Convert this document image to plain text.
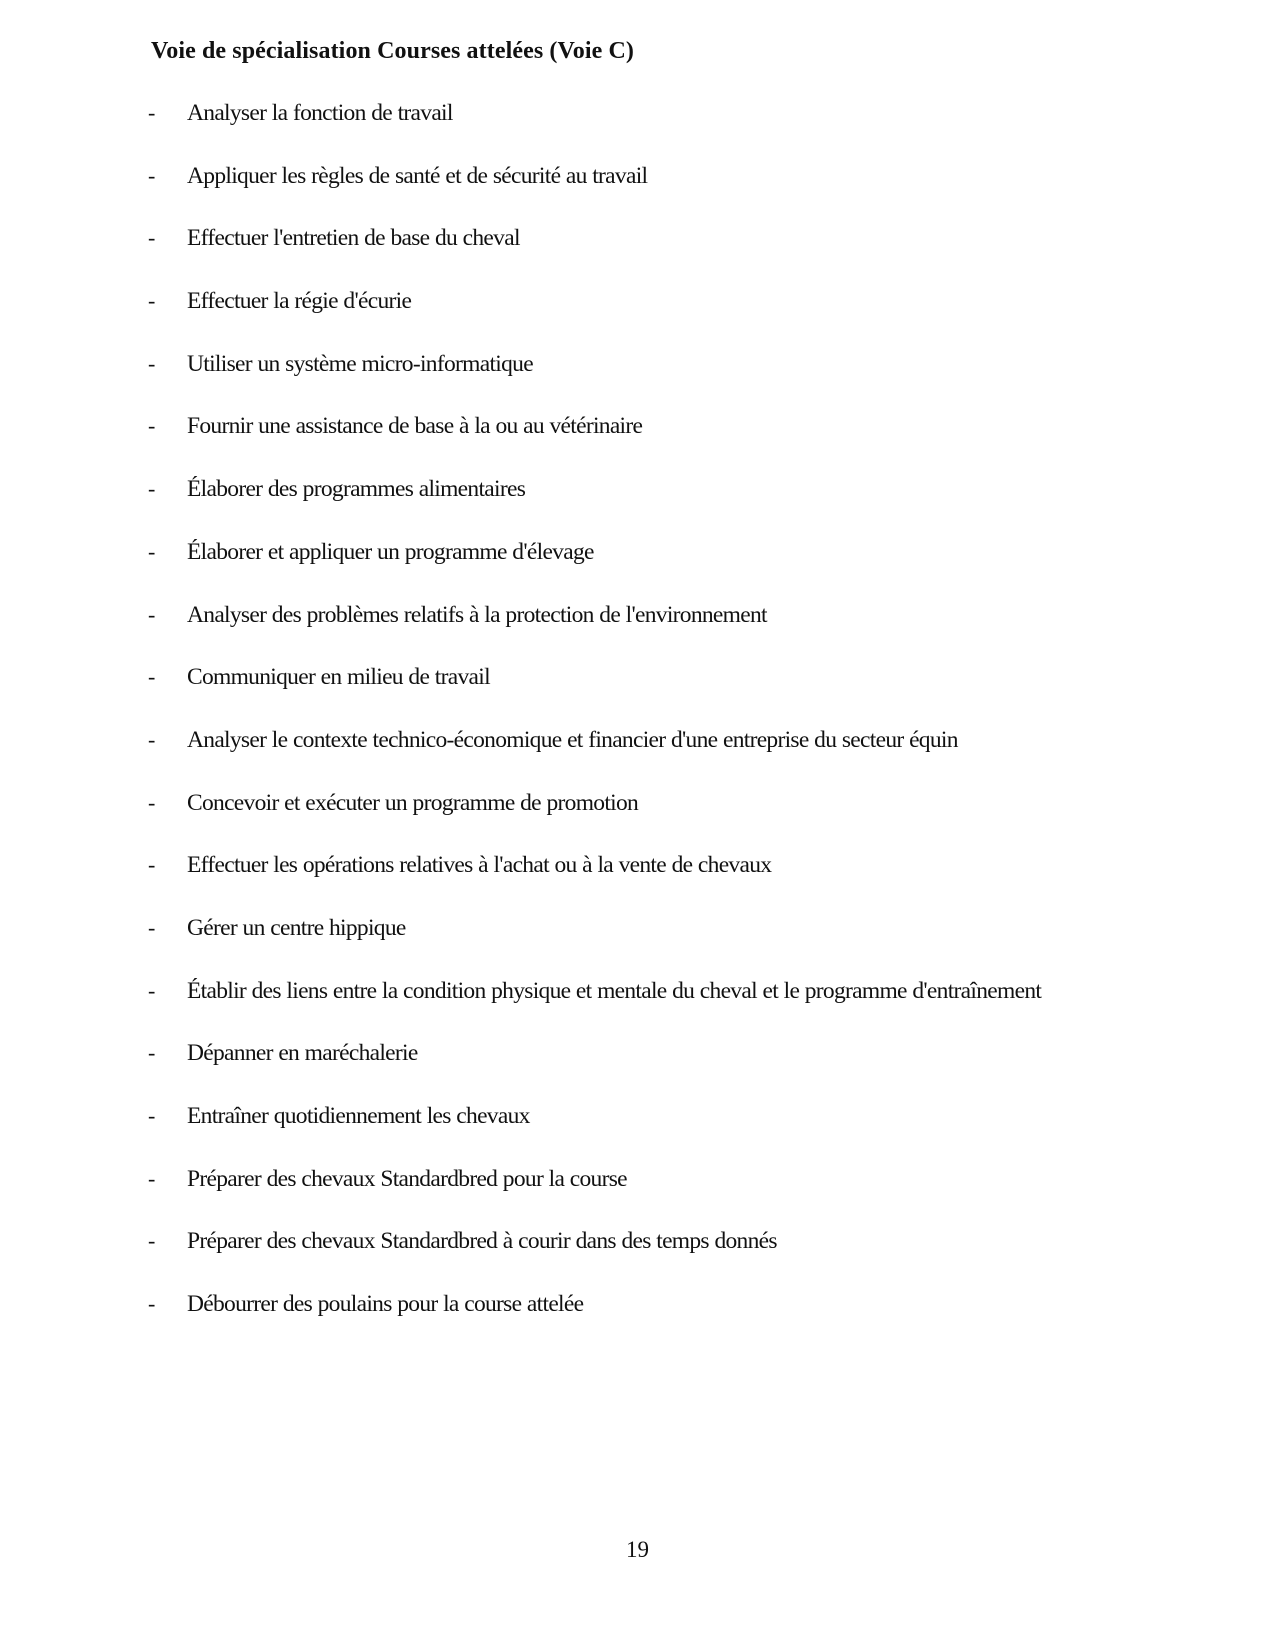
Voie de spécialisation Courses attelées (Voie C)
- Analyser la fonction de travail
- Appliquer les règles de santé et de sécurité au travail
- Effectuer l'entretien de base du cheval
- Effectuer la régie d'écurie
- Utiliser un système micro-informatique
- Fournir une assistance de base à la ou au vétérinaire
- Élaborer des programmes alimentaires
- Élaborer et appliquer un programme d'élevage
- Analyser des problèmes relatifs à la protection de l'environnement
- Communiquer en milieu de travail
- Analyser le contexte technico-économique et financier d'une entreprise du secteur équin
- Concevoir et exécuter un programme de promotion
- Effectuer les opérations relatives à l'achat ou à la vente de chevaux
- Gérer un centre hippique
- Établir des liens entre la condition physique et mentale du cheval et le programme d'entraînement
- Dépanner en maréchalerie
- Entraîner quotidiennement les chevaux
- Préparer des chevaux Standardbred pour la course
- Préparer des chevaux Standardbred à courir dans des temps donnés
- Débourrer des poulains pour la course attelée
19
